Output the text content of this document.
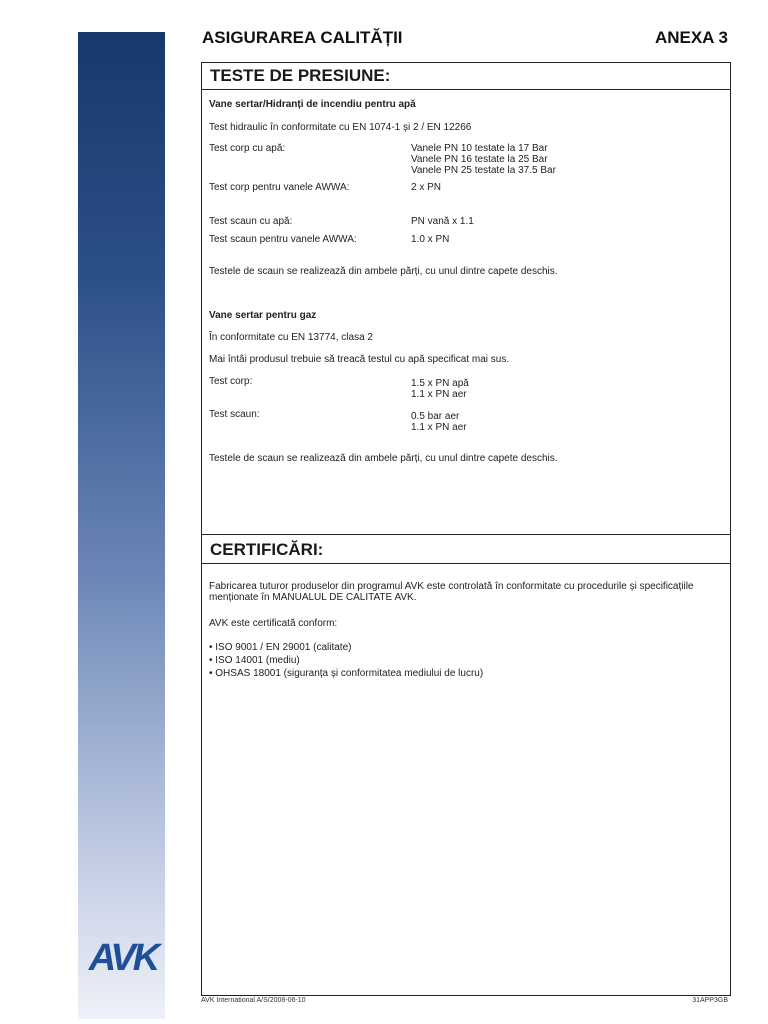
AVK
ASIGURAREA CALITĂȚII	ANEXA 3
TESTE DE PRESIUNE:
Vane sertar/Hidranți de incendiu pentru apă
Test hidraulic în conformitate cu EN 1074-1 și 2 / EN 12266
Test corp cu apă:	Vanele PN 10 testate la 17 Bar
Vanele PN 16 testate la 25 Bar
Vanele PN 25 testate la 37.5 Bar
Test corp pentru vanele AWWA:	2 x PN
Test scaun cu apă:	PN vană x 1.1
Test scaun pentru vanele AWWA:	1.0 x PN
Testele de scaun se realizează din ambele părți, cu unul dintre capete deschis.
Vane sertar pentru gaz
În conformitate cu EN 13774, clasa 2
Mai întâi produsul trebuie să treacă testul cu apă specificat mai sus.
Test corp:	1.5 x PN apă
1.1 x PN aer
Test scaun:	0.5 bar aer
1.1 x PN aer
Testele de scaun se realizează din ambele părți, cu unul dintre capete deschis.
CERTIFICĂRI:
Fabricarea tuturor produselor din programul AVK este controlată în conformitate cu procedurile și specificațiile menționate în MANUALUL DE CALITATE AVK.
AVK este certificată conform:
• ISO 9001 / EN 29001 (calitate)
• ISO 14001 (mediu)
• OHSAS 18001 (siguranța și conformitatea mediului de lucru)
AVK International A/S/2008-06-10	31APP3GB
